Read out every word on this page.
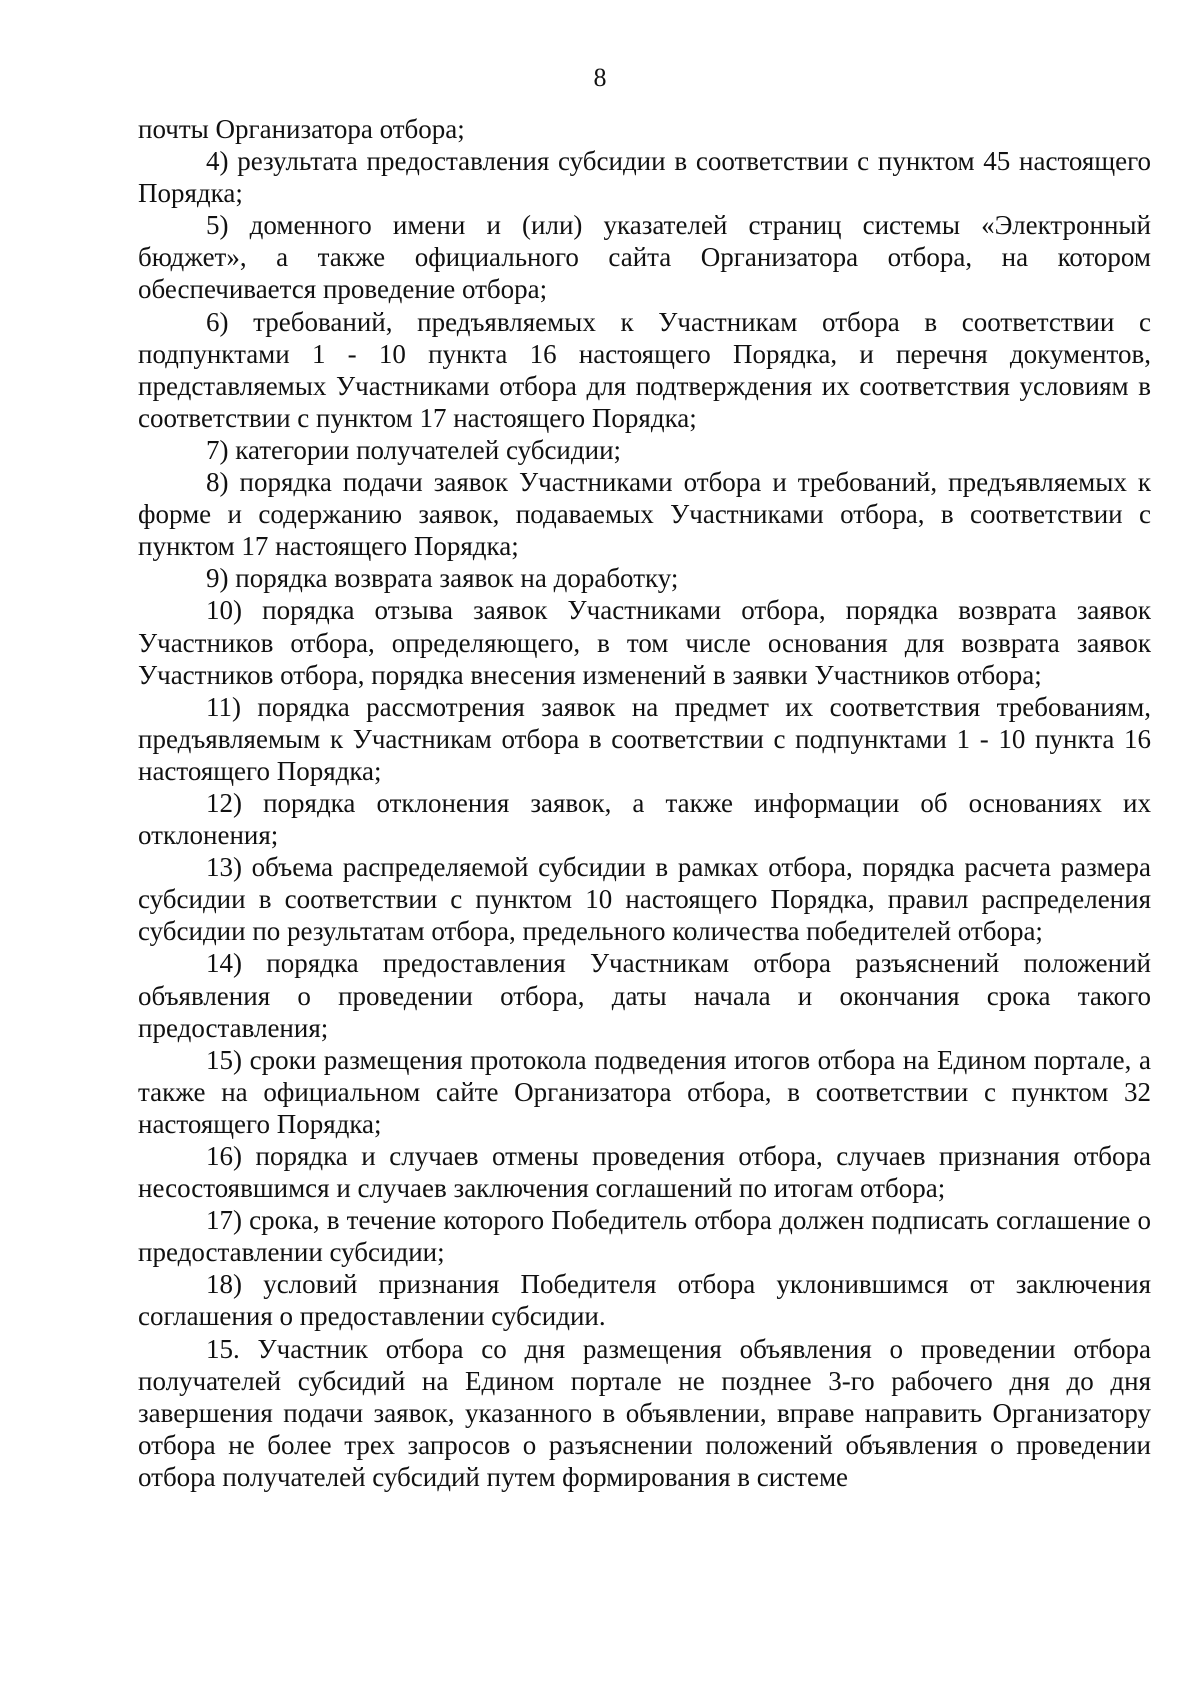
8

почты Организатора отбора;

4) результата предоставления субсидии в соответствии с пунктом 45 настоящего Порядка;

5) доменного имени и (или) указателей страниц системы «Электронный бюджет», а также официального сайта Организатора отбора, на котором обеспечивается проведение отбора;

6) требований, предъявляемых к Участникам отбора в соответствии с подпунктами 1 - 10 пункта 16 настоящего Порядка, и перечня документов, представляемых Участниками отбора для подтверждения их соответствия условиям в соответствии с пунктом 17 настоящего Порядка;

7) категории получателей субсидии;

8) порядка подачи заявок Участниками отбора и требований, предъявляемых к форме и содержанию заявок, подаваемых Участниками отбора, в соответствии с пунктом 17 настоящего Порядка;

9) порядка возврата заявок на доработку;

10) порядка отзыва заявок Участниками отбора, порядка возврата заявок Участников отбора, определяющего, в том числе основания для возврата заявок Участников отбора, порядка внесения изменений в заявки Участников отбора;

11) порядка рассмотрения заявок на предмет их соответствия требованиям, предъявляемым к Участникам отбора в соответствии с подпунктами 1 - 10 пункта 16 настоящего Порядка;

12) порядка отклонения заявок, а также информации об основаниях их отклонения;

13) объема распределяемой субсидии в рамках отбора, порядка расчета размера субсидии в соответствии с пунктом 10 настоящего Порядка, правил распределения субсидии по результатам отбора, предельного количества победителей отбора;

14) порядка предоставления Участникам отбора разъяснений положений объявления о проведении отбора, даты начала и окончания срока такого предоставления;

15) сроки размещения протокола подведения итогов отбора на Едином портале, а также на официальном сайте Организатора отбора, в соответствии с пунктом 32 настоящего Порядка;

16) порядка и случаев отмены проведения отбора, случаев признания отбора несостоявшимся и случаев заключения соглашений по итогам отбора;

17) срока, в течение которого Победитель отбора должен подписать соглашение о предоставлении субсидии;

18) условий признания Победителя отбора уклонившимся от заключения соглашения о предоставлении субсидии.

15. Участник отбора со дня размещения объявления о проведении отбора получателей субсидий на Едином портале не позднее 3-го рабочего дня до дня завершения подачи заявок, указанного в объявлении, вправе направить Организатору отбора не более трех запросов о разъяснении положений объявления о проведении отбора получателей субсидий путем формирования в системе
